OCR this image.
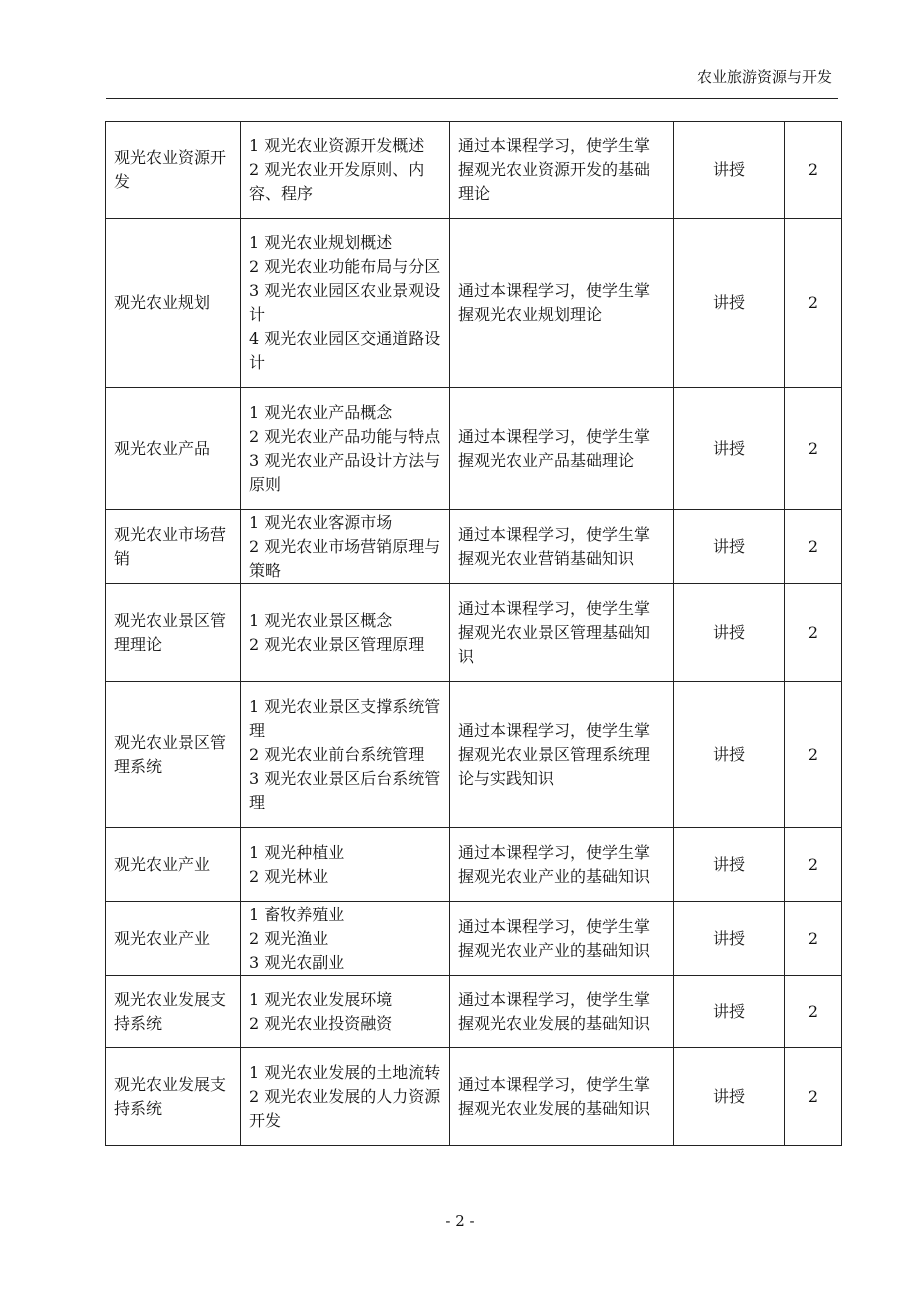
农业旅游资源与开发
观光农业资源开发	1 观光农业资源开发概述
2 观光农业开发原则、内容、程序	通过本课程学习，使学生掌握观光农业资源开发的基础理论	讲授	2
观光农业规划	1 观光农业规划概述
2 观光农业功能布局与分区
3 观光农业园区农业景观设计
4 观光农业园区交通道路设计	通过本课程学习，使学生掌握观光农业规划理论	讲授	2
观光农业产品	1 观光农业产品概念
2 观光农业产品功能与特点
3 观光农业产品设计方法与原则	通过本课程学习，使学生掌握观光农业产品基础理论	讲授	2
观光农业市场营销	1 观光农业客源市场
2 观光农业市场营销原理与策略	通过本课程学习，使学生掌握观光农业营销基础知识	讲授	2
观光农业景区管理理论	1 观光农业景区概念
2 观光农业景区管理原理	通过本课程学习，使学生掌握观光农业景区管理基础知识	讲授	2
观光农业景区管理系统	1 观光农业景区支撑系统管理
2 观光农业前台系统管理
3 观光农业景区后台系统管理	通过本课程学习，使学生掌握观光农业景区管理系统理论与实践知识	讲授	2
观光农业产业	1 观光种植业
2 观光林业	通过本课程学习，使学生掌握观光农业产业的基础知识	讲授	2
观光农业产业	1 畜牧养殖业
2 观光渔业
3 观光农副业	通过本课程学习，使学生掌握观光农业产业的基础知识	讲授	2
观光农业发展支持系统	1 观光农业发展环境
2 观光农业投资融资	通过本课程学习，使学生掌握观光农业发展的基础知识	讲授	2
观光农业发展支持系统	1 观光农业发展的土地流转
2 观光农业发展的人力资源开发	通过本课程学习，使学生掌握观光农业发展的基础知识	讲授	2
- 2 -
